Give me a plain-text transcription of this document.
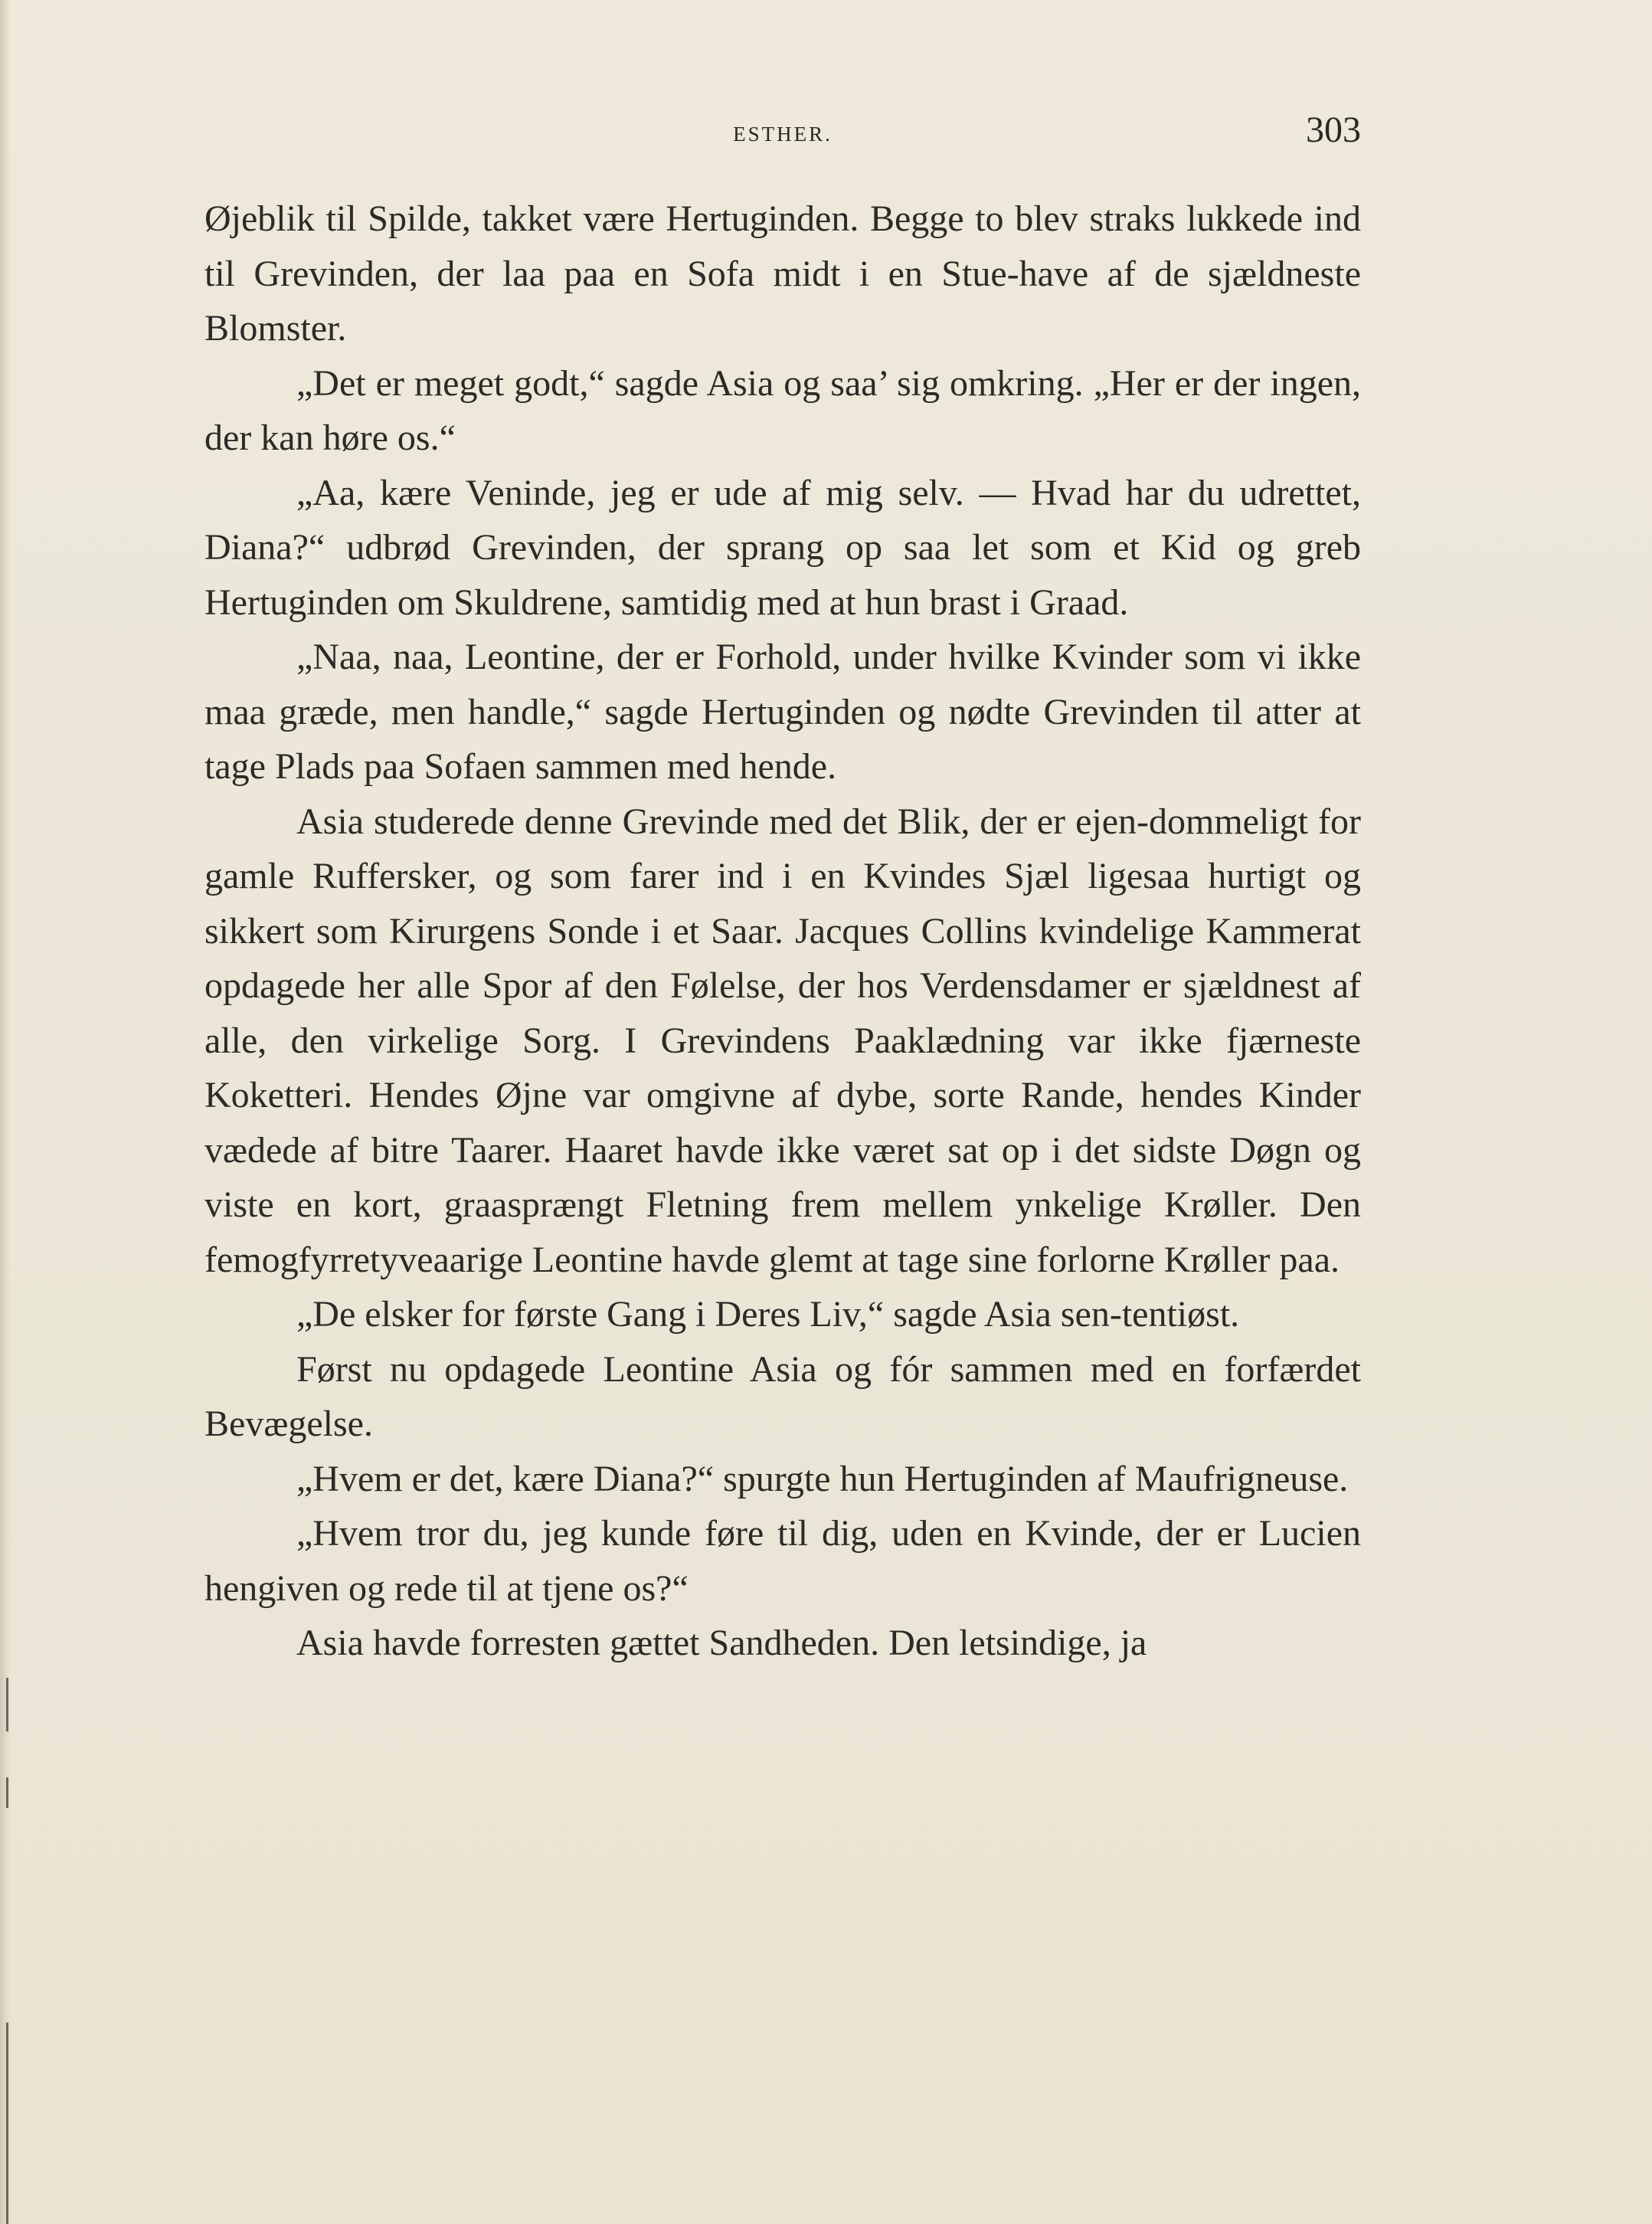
ESTHER.	303

Øjeblik til Spilde, takket være Hertuginden. Begge to blev straks lukkede ind til Grevinden, der laa paa en Sofa midt i en Stue-have af de sjældneste Blomster.

„Det er meget godt,“ sagde Asia og saa’ sig omkring. „Her er der ingen, der kan høre os.“

„Aa, kære Veninde, jeg er ude af mig selv. — Hvad har du udrettet, Diana?“ udbrød Grevinden, der sprang op saa let som et Kid og greb Hertuginden om Skuldrene, samtidig med at hun brast i Graad.

„Naa, naa, Leontine, der er Forhold, under hvilke Kvinder som vi ikke maa græde, men handle,“ sagde Hertuginden og nødte Grevinden til atter at tage Plads paa Sofaen sammen med hende.

Asia studerede denne Grevinde med det Blik, der er ejen-dommeligt for gamle Ruffersker, og som farer ind i en Kvindes Sjæl ligesaa hurtigt og sikkert som Kirurgens Sonde i et Saar. Jacques Collins kvindelige Kammerat opdagede her alle Spor af den Følelse, der hos Verdensdamer er sjældnest af alle, den virkelige Sorg. I Grevindens Paaklædning var ikke fjærneste Koketteri. Hendes Øjne var omgivne af dybe, sorte Rande, hendes Kinder vædede af bitre Taarer. Haaret havde ikke været sat op i det sidste Døgn og viste en kort, graasprængt Fletning frem mellem ynkelige Krøller. Den femogfyrretyveaarige Leontine havde glemt at tage sine forlorne Krøller paa.

„De elsker for første Gang i Deres Liv,“ sagde Asia sen-tentiøst.

Først nu opdagede Leontine Asia og fór sammen med en forfærdet Bevægelse.

„Hvem er det, kære Diana?“ spurgte hun Hertuginden af Maufrigneuse.

„Hvem tror du, jeg kunde føre til dig, uden en Kvinde, der er Lucien hengiven og rede til at tjene os?“

Asia havde forresten gættet Sandheden. Den letsindige, ja
